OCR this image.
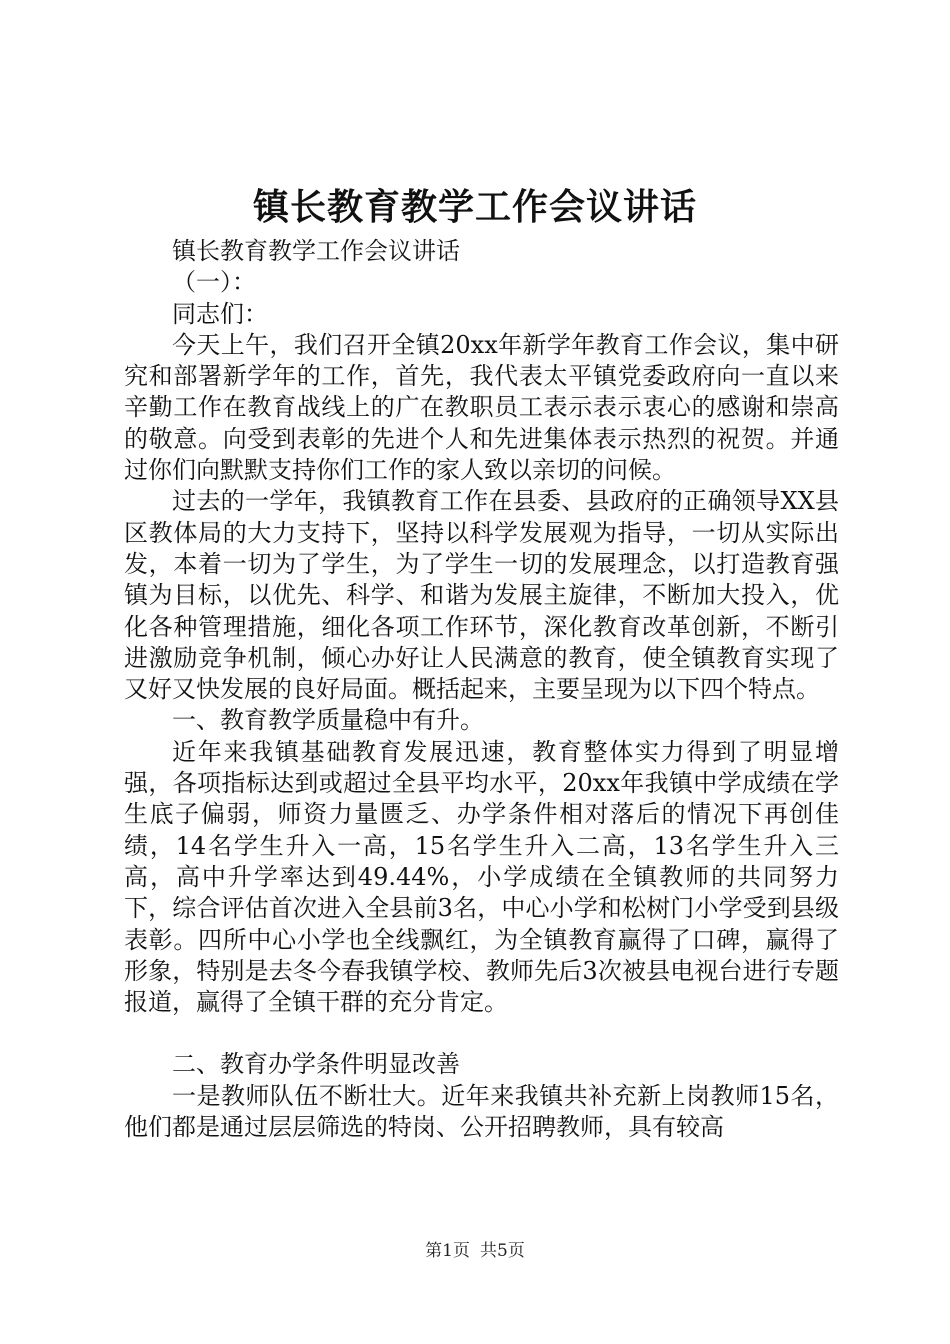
镇长教育教学工作会议讲话

镇长教育教学工作会议讲话

（一）：

同志们：

今天上午，我们召开全镇20xx年新学年教育工作会议，集中研究和部署新学年的工作，首先，我代表太平镇党委政府向一直以来辛勤工作在教育战线上的广在教职员工表示表示衷心的感谢和崇高的敬意。向受到表彰的先进个人和先进集体表示热烈的祝贺。并通过你们向默默支持你们工作的家人致以亲切的问候。

过去的一学年，我镇教育工作在县委、县政府的正确领导XX县区教体局的大力支持下，坚持以科学发展观为指导，一切从实际出发，本着一切为了学生，为了学生一切的发展理念，以打造教育强镇为目标，以优先、科学、和谐为发展主旋律，不断加大投入，优化各种管理措施，细化各项工作环节，深化教育改革创新，不断引进激励竞争机制，倾心办好让人民满意的教育，使全镇教育实现了又好又快发展的良好局面。概括起来，主要呈现为以下四个特点。

一、教育教学质量稳中有升。

近年来我镇基础教育发展迅速，教育整体实力得到了明显增强，各项指标达到或超过全县平均水平，20xx年我镇中学成绩在学生底子偏弱，师资力量匮乏、办学条件相对落后的情况下再创佳绩，14名学生升入一高，15名学生升入二高，13名学生升入三高，高中升学率达到49.44%，小学成绩在全镇教师的共同努力下，综合评估首次进入全县前3名，中心小学和松树门小学受到县级表彰。四所中心小学也全线飘红，为全镇教育赢得了口碑，赢得了形象，特别是去冬今春我镇学校、教师先后3次被县电视台进行专题报道，赢得了全镇干群的充分肯定。

二、教育办学条件明显改善

一是教师队伍不断壮大。近年来我镇共补充新上岗教师15名，他们都是通过层层筛选的特岗、公开招聘教师，具有较高

第1页 共5页
